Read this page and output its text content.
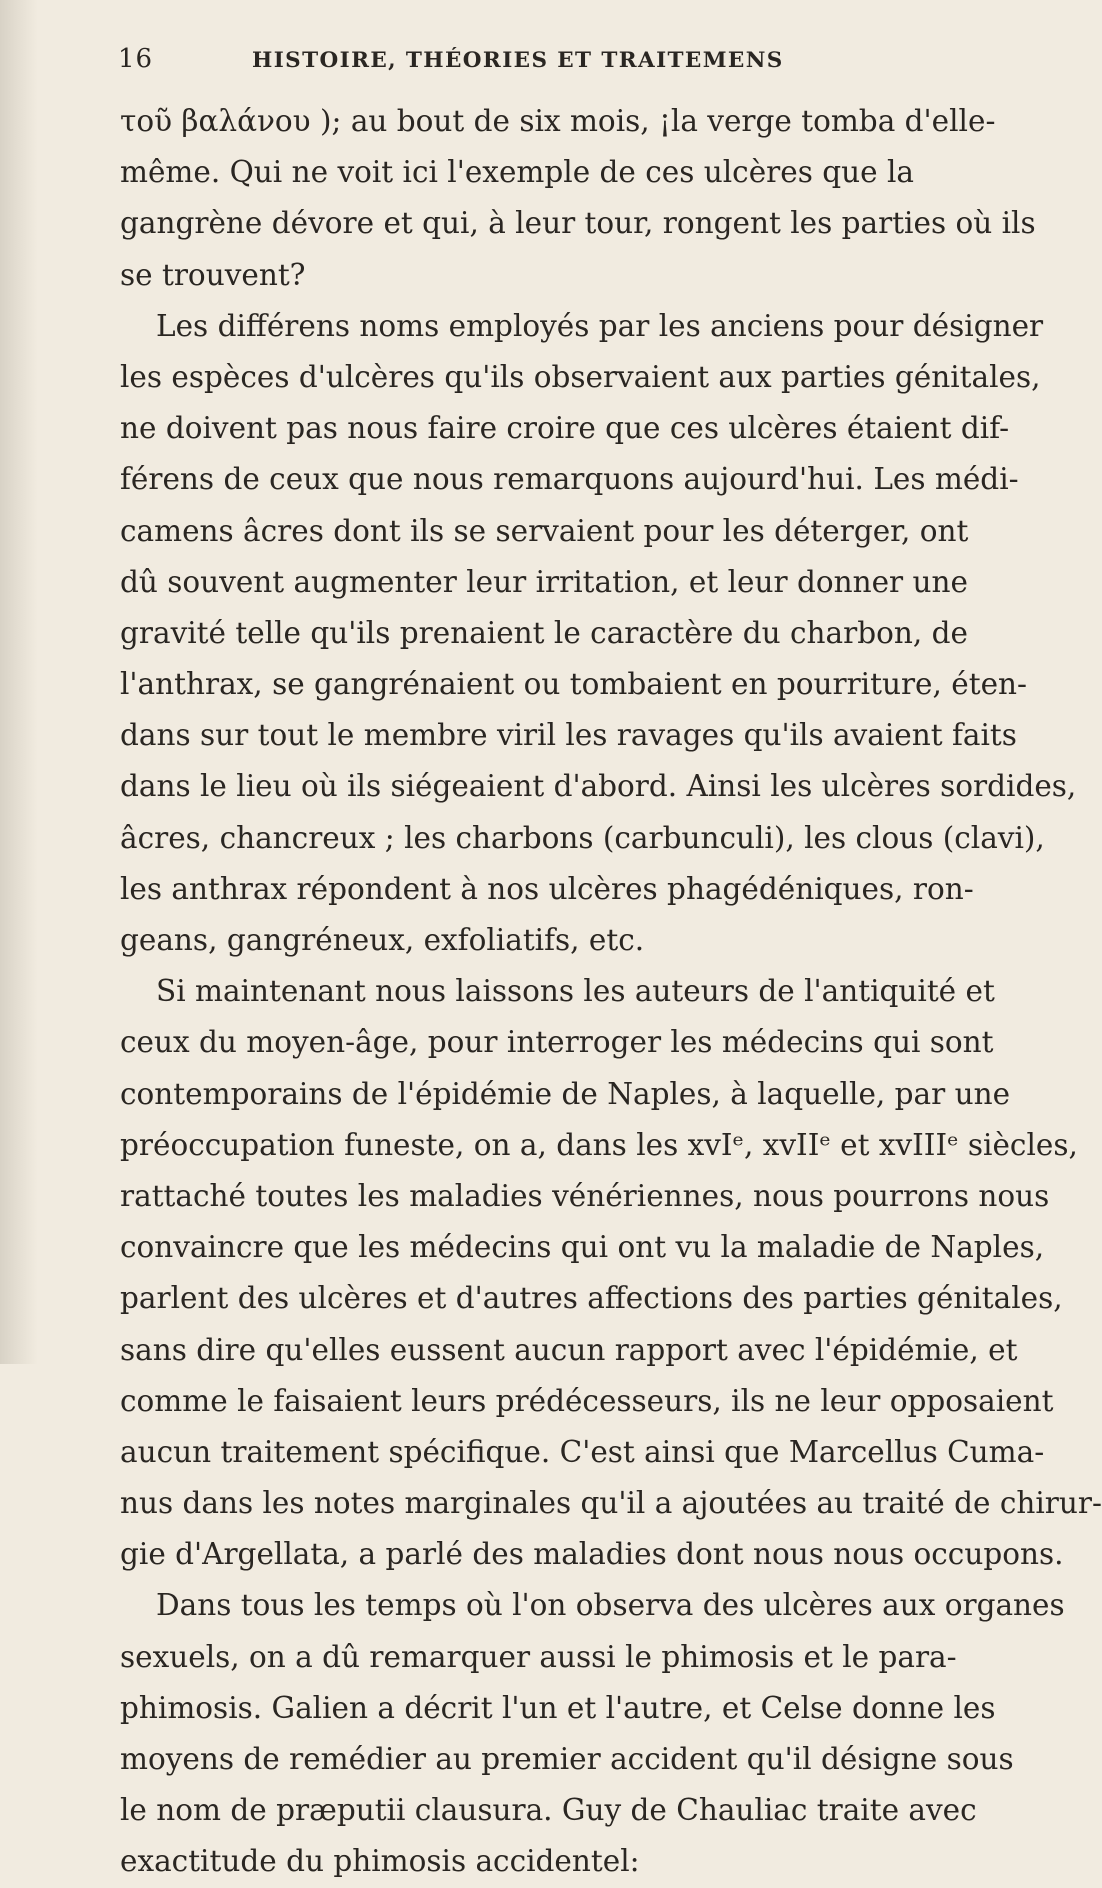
16	HISTOIRE, THÉORIES ET TRAITEMENS
τοῦ βαλάνου ); au bout de six mois, ¡la verge tomba d'elle-
même. Qui ne voit ici l'exemple de ces ulcères que la
gangrène dévore et qui, à leur tour, rongent les parties où ils
se trouvent?
Les différens noms employés par les anciens pour désigner
les espèces d'ulcères qu'ils observaient aux parties génitales,
ne doivent pas nous faire croire que ces ulcères étaient dif-
férens de ceux que nous remarquons aujourd'hui. Les médi-
camens âcres dont ils se servaient pour les déterger, ont
dû souvent augmenter leur irritation, et leur donner une
gravité telle qu'ils prenaient le caractère du charbon, de
l'anthrax, se gangrénaient ou tombaient en pourriture, éten-
dans sur tout le membre viril les ravages qu'ils avaient faits
dans le lieu où ils siégeaient d'abord. Ainsi les ulcères sordides,
âcres, chancreux ; les charbons (carbunculi), les clous (clavi),
les anthrax répondent à nos ulcères phagédéniques, ron-
geans, gangréneux, exfoliatifs, etc.
Si maintenant nous laissons les auteurs de l'antiquité et
ceux du moyen-âge, pour interroger les médecins qui sont
contemporains de l'épidémie de Naples, à laquelle, par une
préoccupation funeste, on a, dans les xvIᵉ, xvIIᵉ et xvIIIᵉ siècles,
rattaché toutes les maladies vénériennes, nous pourrons nous
convaincre que les médecins qui ont vu la maladie de Naples,
parlent des ulcères et d'autres affections des parties génitales,
sans dire qu'elles eussent aucun rapport avec l'épidémie, et
comme le faisaient leurs prédécesseurs, ils ne leur opposaient
aucun traitement spécifique. C'est ainsi que Marcellus Cuma-
nus dans les notes marginales qu'il a ajoutées au traité de chirur-
gie d'Argellata, a parlé des maladies dont nous nous occupons.
Dans tous les temps où l'on observa des ulcères aux organes
sexuels, on a dû remarquer aussi le phimosis et le para-
phimosis. Galien a décrit l'un et l'autre, et Celse donne les
moyens de remédier au premier accident qu'il désigne sous
le nom de præputii clausura. Guy de Chauliac traite avec
exactitude du phimosis accidentel:
